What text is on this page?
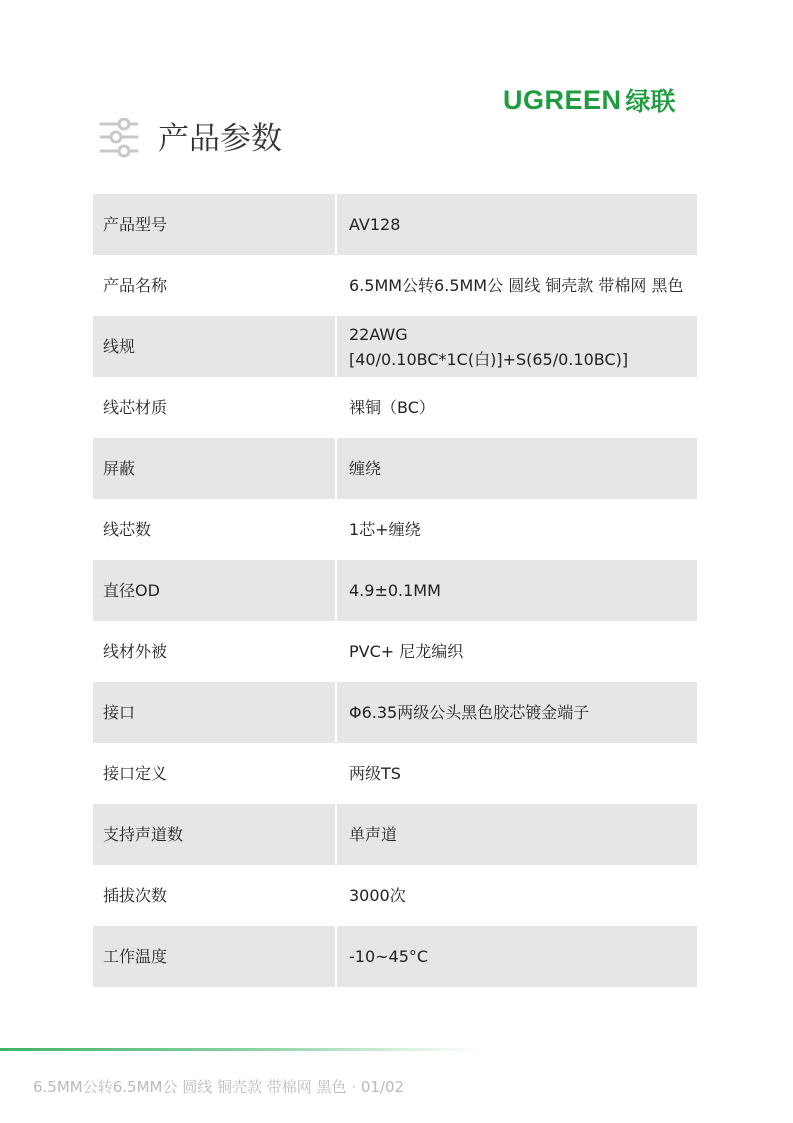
UGREEN 绿联
产品参数
产品型号		AV128
产品名称		6.5MM公转6.5MM公 圆线 铜壳款 带棉网 黑色
线规		22AWG [40/0.10BC*1C(白)]+S(65/0.10BC)]
线芯材质		裸铜（BC）
屏蔽		缠绕
线芯数		1芯+缠绕
直径OD		4.9±0.1MM
线材外被		PVC+ 尼龙编织
接口		Φ6.35两级公头黑色胶芯镀金端子
接口定义		两级TS
支持声道数		单声道
插拔次数		3000次
工作温度		-10~45°C
6.5MM公转6.5MM公 圆线 铜壳款 带棉网 黑色 · 01/02
